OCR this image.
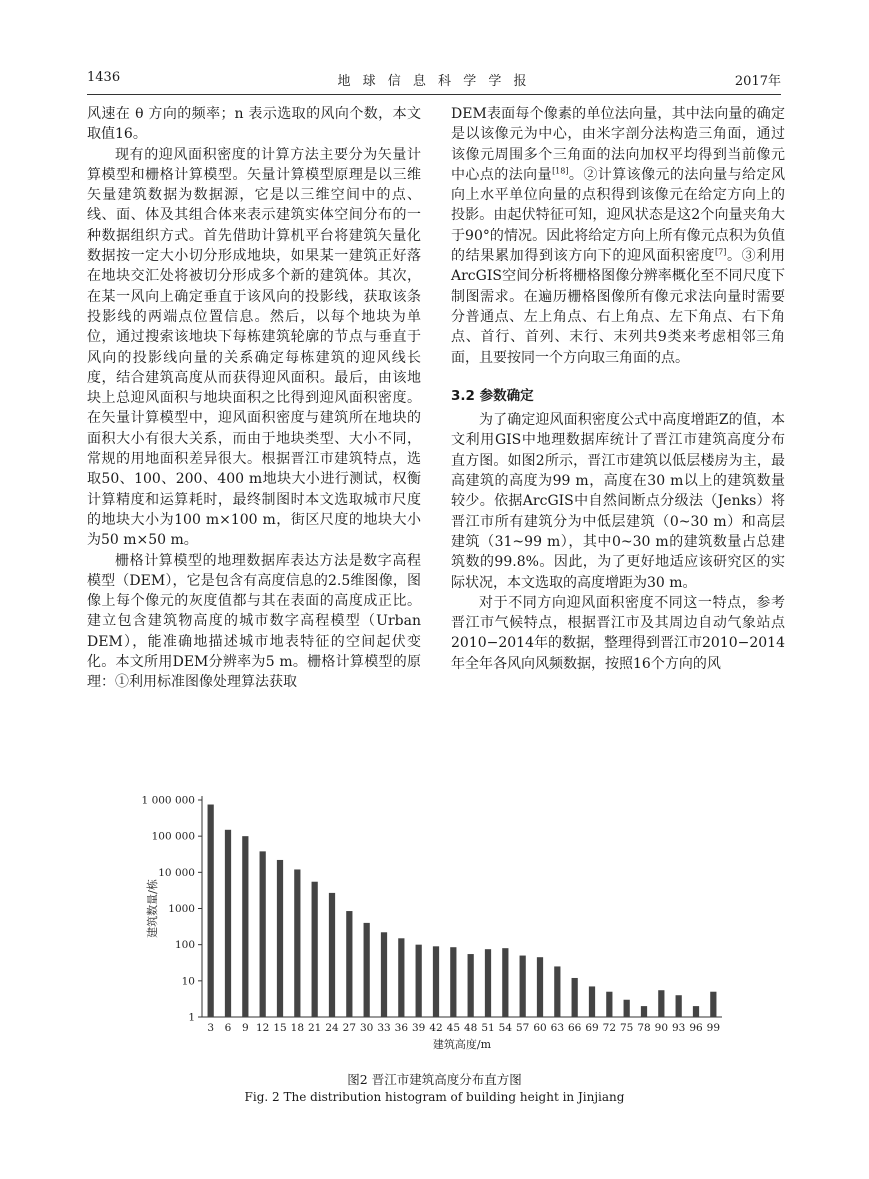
1436	地 球 信 息 科 学 学 报	2017年

风速在 θ 方向的频率；n 表示选取的风向个数，本文取值16。

现有的迎风面积密度的计算方法主要分为矢量计算模型和栅格计算模型。矢量计算模型原理是以三维矢量建筑数据为数据源，它是以三维空间中的点、线、面、体及其组合体来表示建筑实体空间分布的一种数据组织方式。首先借助计算机平台将建筑矢量化数据按一定大小切分形成地块，如果某一建筑正好落在地块交汇处将被切分形成多个新的建筑体。其次，在某一风向上确定垂直于该风向的投影线，获取该条投影线的两端点位置信息。然后，以每个地块为单位，通过搜索该地块下每栋建筑轮廓的节点与垂直于风向的投影线向量的关系确定每栋建筑的迎风线长度，结合建筑高度从而获得迎风面积。最后，由该地块上总迎风面积与地块面积之比得到迎风面积密度。在矢量计算模型中，迎风面积密度与建筑所在地块的面积大小有很大关系，而由于地块类型、大小不同，常规的用地面积差异很大。根据晋江市建筑特点，选取50、100、200、400 m地块大小进行测试，权衡计算精度和运算耗时，最终制图时本文选取城市尺度的地块大小为100 m×100 m，街区尺度的地块大小为50 m×50 m。

栅格计算模型的地理数据库表达方法是数字高程模型（DEM），它是包含有高度信息的2.5维图像，图像上每个像元的灰度值都与其在表面的高度成正比。建立包含建筑物高度的城市数字高程模型（Urban DEM），能准确地描述城市地表特征的空间起伏变化。本文所用DEM分辨率为5 m。栅格计算模型的原理：①利用标准图像处理算法获取

DEM表面每个像素的单位法向量，其中法向量的确定是以该像元为中心，由米字剖分法构造三角面，通过该像元周围多个三角面的法向加权平均得到当前像元中心点的法向量[18]。②计算该像元的法向量与给定风向上水平单位向量的点积得到该像元在给定方向上的投影。由起伏特征可知，迎风状态是这2个向量夹角大于90°的情况。因此将给定方向上所有像元点积为负值的结果累加得到该方向下的迎风面积密度[7]。③利用ArcGIS空间分析将栅格图像分辨率概化至不同尺度下制图需求。在遍历栅格图像所有像元求法向量时需要分普通点、左上角点、右上角点、左下角点、右下角点、首行、首列、末行、末列共9类来考虑相邻三角面，且要按同一个方向取三角面的点。

3.2 参数确定

为了确定迎风面积密度公式中高度增距Z的值，本文利用GIS中地理数据库统计了晋江市建筑高度分布直方图。如图2所示，晋江市建筑以低层楼房为主，最高建筑的高度为99 m，高度在30 m以上的建筑数量较少。依据ArcGIS中自然间断点分级法（Jenks）将晋江市所有建筑分为中低层建筑（0~30 m）和高层建筑（31~99 m），其中0~30 m的建筑数量占总建筑数的99.8%。因此，为了更好地适应该研究区的实际状况，本文选取的高度增距为30 m。

对于不同方向迎风面积密度不同这一特点，参考晋江市气候特点，根据晋江市及其周边自动气象站点2010−2014年的数据，整理得到晋江市2010−2014年全年各风向风频数据，按照16个方向的风

1
10
100
1000
10 000
100 000
1 000 000
3 6 9 12 15 18 21 24 27 30 33 36 39 42 45 48 51 54 57 60 63 66 69 72 75 78 90 93 96 99
建筑高度/m
建筑数量/栋
图2 晋江市建筑高度分布直方图
Fig. 2 The distribution histogram of building height in Jinjiang
